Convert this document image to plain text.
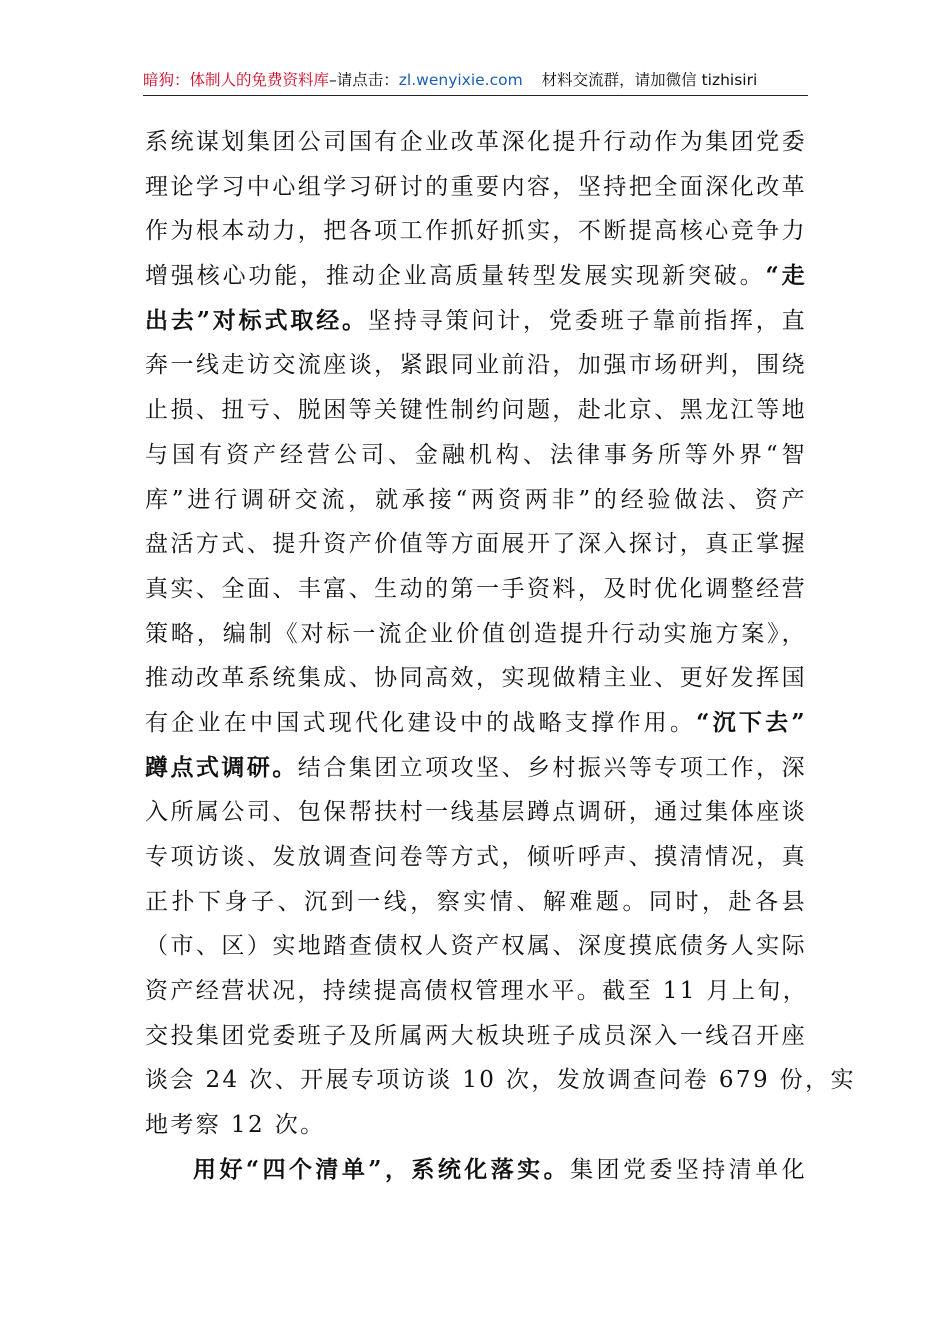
暗狗：体制人的免费资料库–请点击：zl.wenyixie.com 材料交流群，请加微信 tizhisiri
系统谋划集团公司国有企业改革深化提升行动作为集团党委
理论学习中心组学习研讨的重要内容，坚持把全面深化改革
作为根本动力，把各项工作抓好抓实，不断提高核心竞争力
增强核心功能，推动企业高质量转型发展实现新突破。“走
出去”对标式取经。坚持寻策问计，党委班子靠前指挥，直
奔一线走访交流座谈，紧跟同业前沿，加强市场研判，围绕
止损、扭亏、脱困等关键性制约问题，赴北京、黑龙江等地
与国有资产经营公司、金融机构、法律事务所等外界“智
库”进行调研交流，就承接“两资两非”的经验做法、资产
盘活方式、提升资产价值等方面展开了深入探讨，真正掌握
真实、全面、丰富、生动的第一手资料，及时优化调整经营
策略，编制《对标一流企业价值创造提升行动实施方案》，
推动改革系统集成、协同高效，实现做精主业、更好发挥国
有企业在中国式现代化建设中的战略支撑作用。“沉下去”
蹲点式调研。结合集团立项攻坚、乡村振兴等专项工作，深
入所属公司、包保帮扶村一线基层蹲点调研，通过集体座谈
专项访谈、发放调查问卷等方式，倾听呼声、摸清情况，真
正扑下身子、沉到一线，察实情、解难题。同时，赴各县
（市、区）实地踏查债权人资产权属、深度摸底债务人实际
资产经营状况，持续提高债权管理水平。截至 11 月上旬，
交投集团党委班子及所属两大板块班子成员深入一线召开座
谈会 24 次、开展专项访谈 10 次，发放调查问卷 679 份，实
地考察 12 次。
用好“四个清单”，系统化落实。集团党委坚持清单化
